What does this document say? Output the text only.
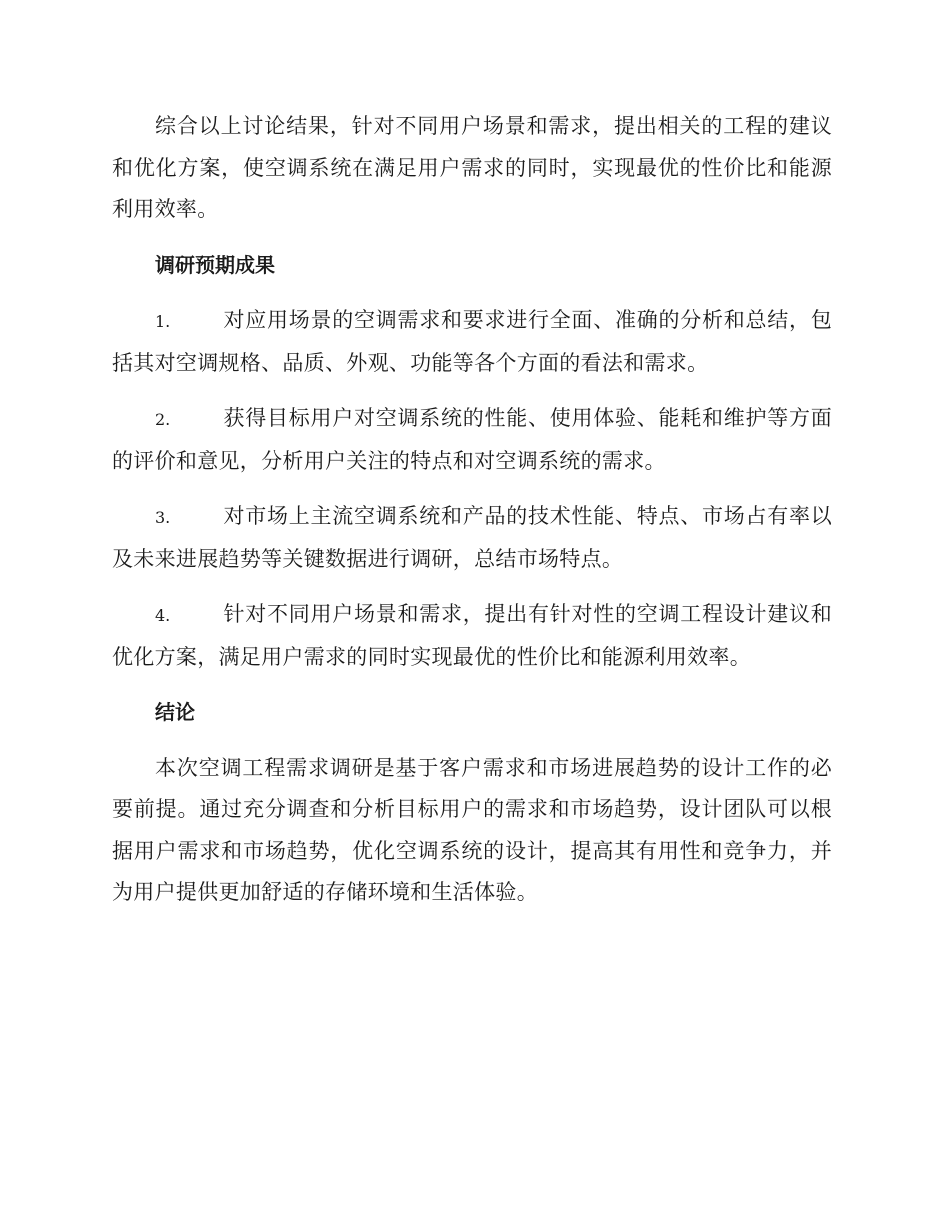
综合以上讨论结果，针对不同用户场景和需求，提出相关的工程的建议和优化方案，使空调系统在满足用户需求的同时，实现最优的性价比和能源利用效率。

调研预期成果

1.	对应用场景的空调需求和要求进行全面、准确的分析和总结，包括其对空调规格、品质、外观、功能等各个方面的看法和需求。

2.	获得目标用户对空调系统的性能、使用体验、能耗和维护等方面的评价和意见，分析用户关注的特点和对空调系统的需求。

3.	对市场上主流空调系统和产品的技术性能、特点、市场占有率以及未来进展趋势等关键数据进行调研，总结市场特点。

4.	针对不同用户场景和需求，提出有针对性的空调工程设计建议和优化方案，满足用户需求的同时实现最优的性价比和能源利用效率。

结论

本次空调工程需求调研是基于客户需求和市场进展趋势的设计工作的必要前提。通过充分调查和分析目标用户的需求和市场趋势，设计团队可以根据用户需求和市场趋势，优化空调系统的设计，提高其有用性和竞争力，并为用户提供更加舒适的存储环境和生活体验。
